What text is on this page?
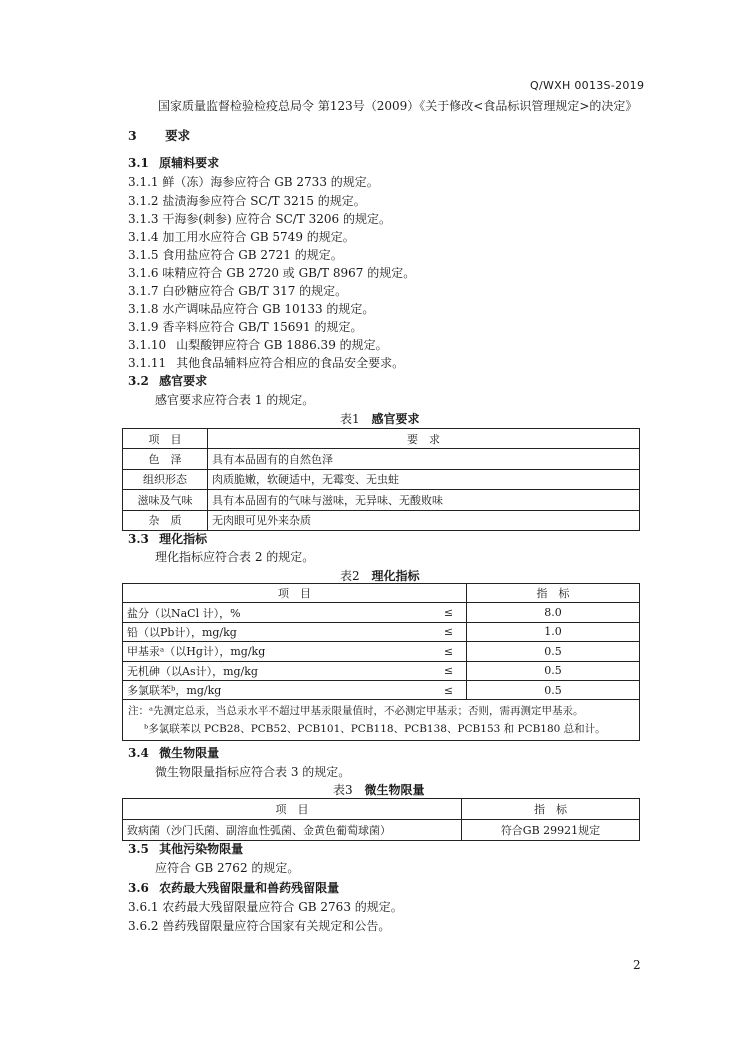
Q/WXH 0013S-2019
国家质量监督检验检疫总局令 第123号（2009）《关于修改<食品标识管理规定>的决定》
3 要求
3.1 原辅料要求
3.1.1 鲜（冻）海参应符合 GB 2733 的规定。
3.1.2 盐渍海参应符合 SC/T 3215 的规定。
3.1.3 干海参(刺参) 应符合 SC/T 3206 的规定。
3.1.4 加工用水应符合 GB 5749 的规定。
3.1.5 食用盐应符合 GB 2721 的规定。
3.1.6 味精应符合 GB 2720 或 GB/T 8967 的规定。
3.1.7 白砂糖应符合 GB/T 317 的规定。
3.1.8 水产调味品应符合 GB 10133 的规定。
3.1.9 香辛料应符合 GB/T 15691 的规定。
3.1.10 山梨酸钾应符合 GB 1886.39 的规定。
3.1.11 其他食品辅料应符合相应的食品安全要求。
3.2 感官要求
感官要求应符合表 1 的规定。
表1 感官要求
项　目	要　求
色　泽	具有本品固有的自然色泽
组织形态	肉质脆嫩，软硬适中，无霉变、无虫蛀
滋味及气味	具有本品固有的气味与滋味，无异味、无酸败味
杂　质	无肉眼可见外来杂质
3.3 理化指标
理化指标应符合表 2 的规定。
表2 理化指标
项　目		指　标
盐分（以NaCl 计），%	≤	8.0
铅（以Pb计），mg/kg	≤	1.0
甲基汞ᵃ（以Hg计），mg/kg	≤	0.5
无机砷（以As计），mg/kg	≤	0.5
多氯联苯ᵇ，mg/kg	≤	0.5

注：ᵃ先测定总汞，当总汞水平不超过甲基汞限量值时，不必测定甲基汞；否则，需再测定甲基汞。
ᵇ多氯联苯以 PCB28、PCB52、PCB101、PCB118、PCB138、PCB153 和 PCB180 总和计。		
3.4 微生物限量
微生物限量指标应符合表 3 的规定。
表3 微生物限量
项　目	指　标
致病菌（沙门氏菌、副溶血性弧菌、金黄色葡萄球菌）	符合GB 29921规定
3.5 其他污染物限量
应符合 GB 2762 的规定。
3.6 农药最大残留限量和兽药残留限量
3.6.1 农药最大残留限量应符合 GB 2763 的规定。
3.6.2 兽药残留限量应符合国家有关规定和公告。
2
